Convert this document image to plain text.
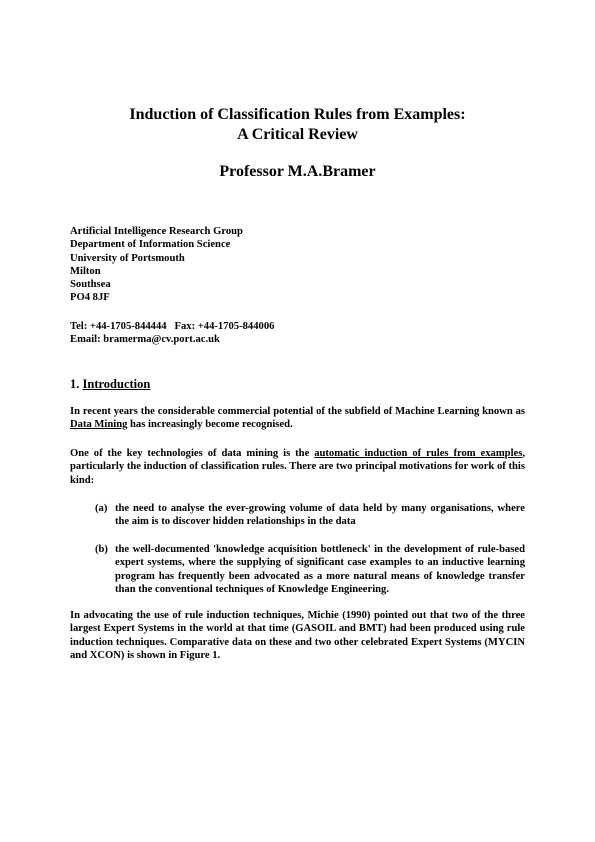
Induction of Classification Rules from Examples:
A Critical Review
Professor M.A.Bramer
Artificial Intelligence Research Group
Department of Information Science
University of Portsmouth
Milton
Southsea
PO4 8JF
Tel: +44-1705-844444   Fax: +44-1705-844006
Email: bramerma@cv.port.ac.uk
1. Introduction
In recent years the considerable commercial potential of the subfield of Machine Learning known as Data Mining has increasingly become recognised.
One of the key technologies of data mining is the automatic induction of rules from examples, particularly the induction of classification rules. There are two principal motivations for work of this kind:
(a) the need to analyse the ever-growing volume of data held by many organisations, where the aim is to discover hidden relationships in the data
(b) the well-documented 'knowledge acquisition bottleneck' in the development of rule-based expert systems, where the supplying of significant case examples to an inductive learning program has frequently been advocated as a more natural means of knowledge transfer than the conventional techniques of Knowledge Engineering.
In advocating the use of rule induction techniques, Michie (1990) pointed out that two of the three largest Expert Systems in the world at that time (GASOIL and BMT) had been produced using rule induction techniques. Comparative data on these and two other celebrated Expert Systems (MYCIN and XCON) is shown in Figure 1.
